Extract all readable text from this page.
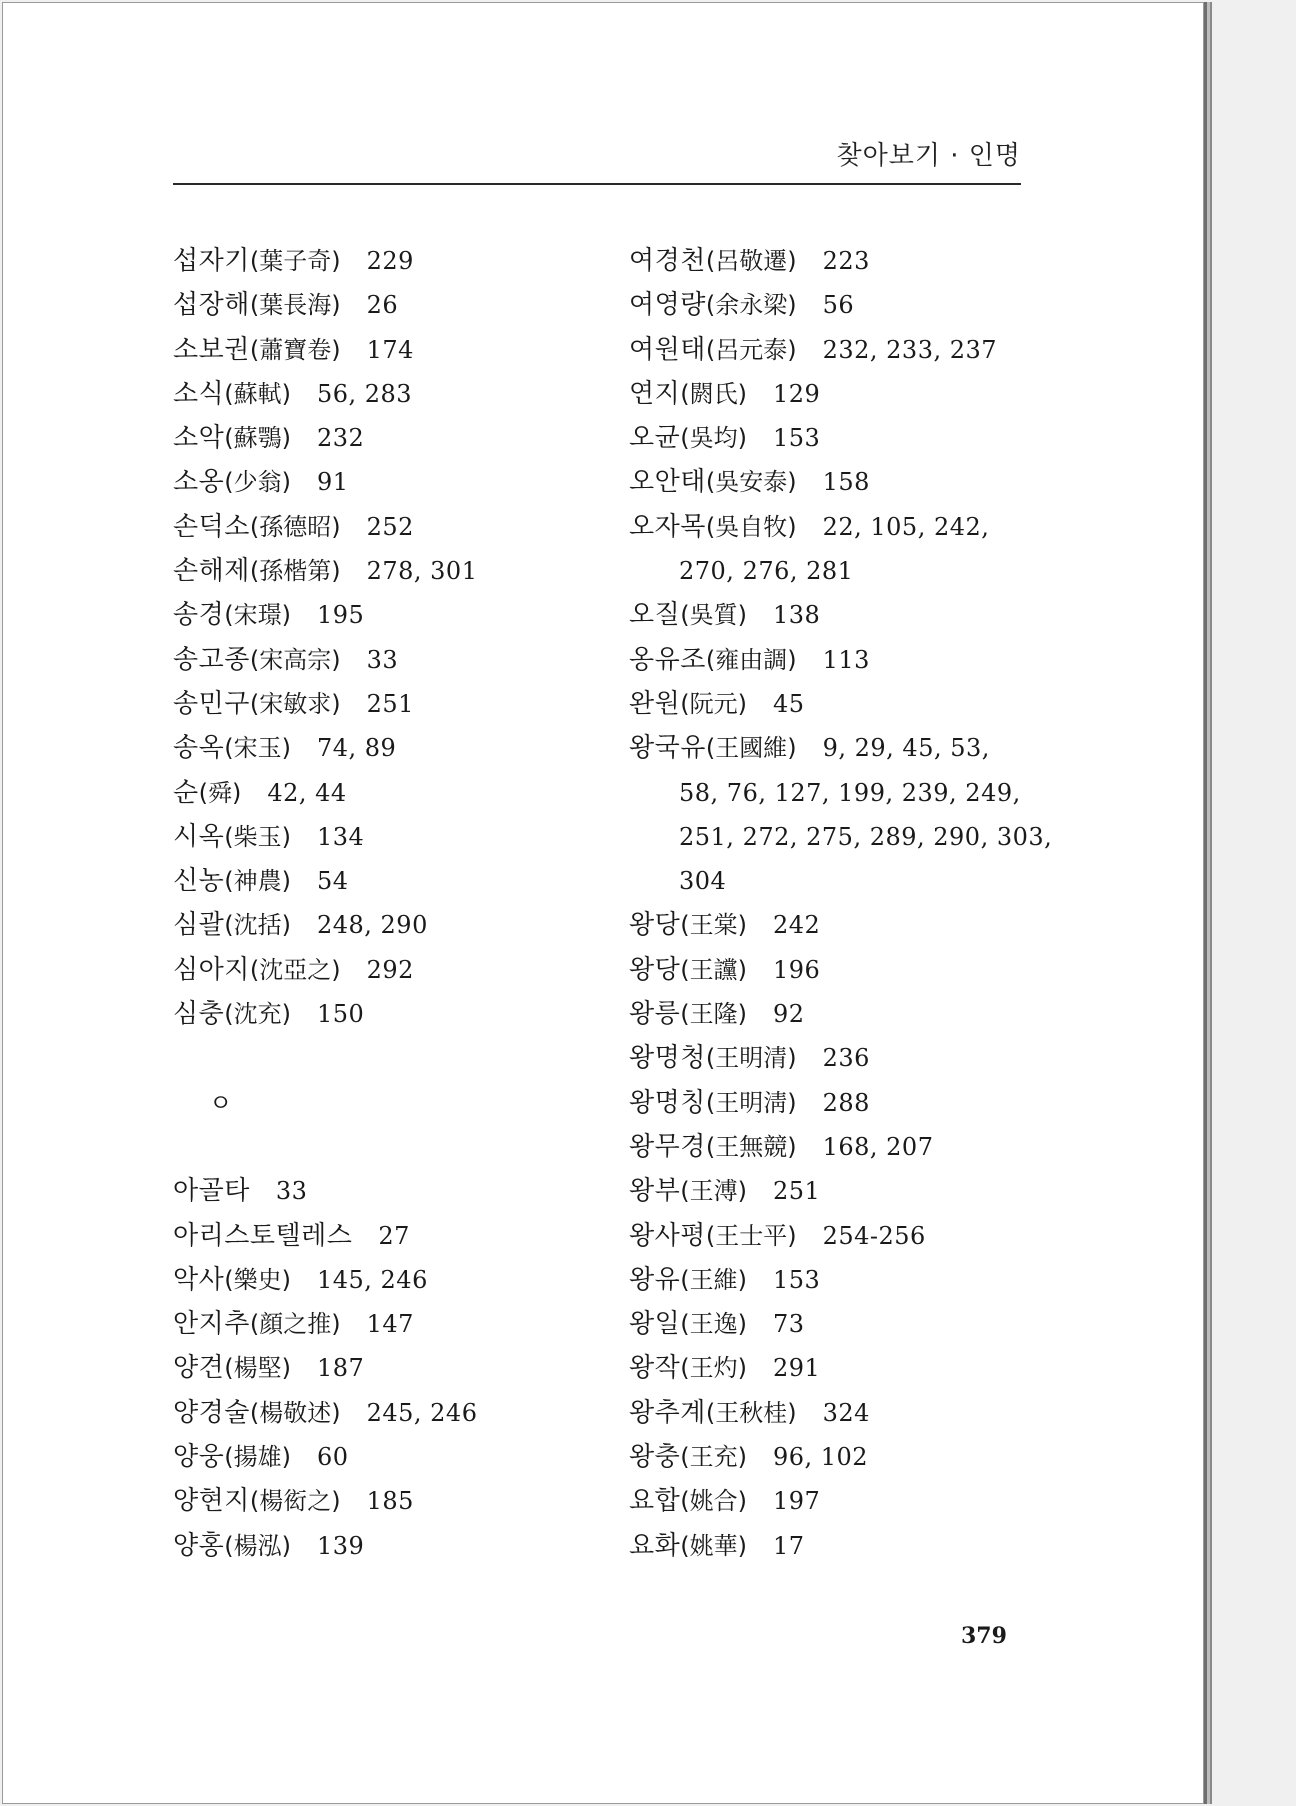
찾아보기 · 인명
섭자기(葉子奇) 229
섭장해(葉長海) 26
소보권(蕭寶卷) 174
소식(蘇軾) 56, 283
소악(蘇鶚) 232
소옹(少翁) 91
손덕소(孫德昭) 252
손해제(孫楷第) 278, 301
송경(宋璟) 195
송고종(宋高宗) 33
송민구(宋敏求) 251
송옥(宋玉) 74, 89
순(舜) 42, 44
시옥(柴玉) 134
신농(神農) 54
심괄(沈括) 248, 290
심아지(沈亞之) 292
심충(沈充) 150
ㅇ
아골타 33
아리스토텔레스 27
악사(樂史) 145, 246
안지추(顔之推) 147
양견(楊堅) 187
양경술(楊敬述) 245, 246
양웅(揚雄) 60
양현지(楊衒之) 185
양홍(楊泓) 139
여경천(呂敬遷) 223
여영량(余永梁) 56
여원태(呂元泰) 232, 233, 237
연지(閼氏) 129
오균(吳均) 153
오안태(吳安泰) 158
오자목(吳自牧) 22, 105, 242,
270, 276, 281
오질(吳質) 138
옹유조(雍由調) 113
완원(阮元) 45
왕국유(王國維) 9, 29, 45, 53,
58, 76, 127, 199, 239, 249,
251, 272, 275, 289, 290, 303,
304
왕당(王棠) 242
왕당(王讜) 196
왕릉(王隆) 92
왕명청(王明清) 236
왕명칭(王明淸) 288
왕무경(王無競) 168, 207
왕부(王溥) 251
왕사평(王士平) 254-256
왕유(王維) 153
왕일(王逸) 73
왕작(王灼) 291
왕추계(王秋桂) 324
왕충(王充) 96, 102
요합(姚合) 197
요화(姚華) 17
379
